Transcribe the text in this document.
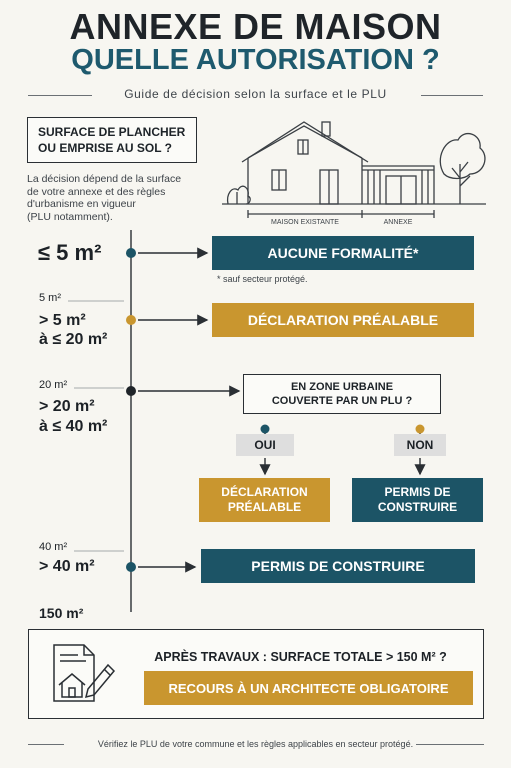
ANNEXE DE MAISON
QUELLE AUTORISATION ?
Guide de décision selon la surface et le PLU
SURFACE DE PLANCHER
OU EMPRISE AU SOL ?
La décision dépend de la surface
de votre annexe et des règles
d'urbanisme en vigueur
(PLU notamment).	MAISON EXISTANTE	ANNEXE
≤ 5 m²
5 m²
> 5 m²
à ≤ 20 m²
20 m²
> 20 m²
à ≤ 40 m²
40 m²
> 40 m²
150 m²
AUCUNE FORMALITÉ*
* sauf secteur protégé.
DÉCLARATION PRÉALABLE
EN ZONE URBAINE
COUVERTE PAR UN PLU ?
OUI	NON
DÉCLARATION
PRÉALABLE
PERMIS DE
CONSTRUIRE
PERMIS DE CONSTRUIRE
APRÈS TRAVAUX : SURFACE TOTALE > 150 M² ?
RECOURS À UN ARCHITECTE OBLIGATOIRE
Vérifiez le PLU de votre commune et les règles applicables en secteur protégé.
